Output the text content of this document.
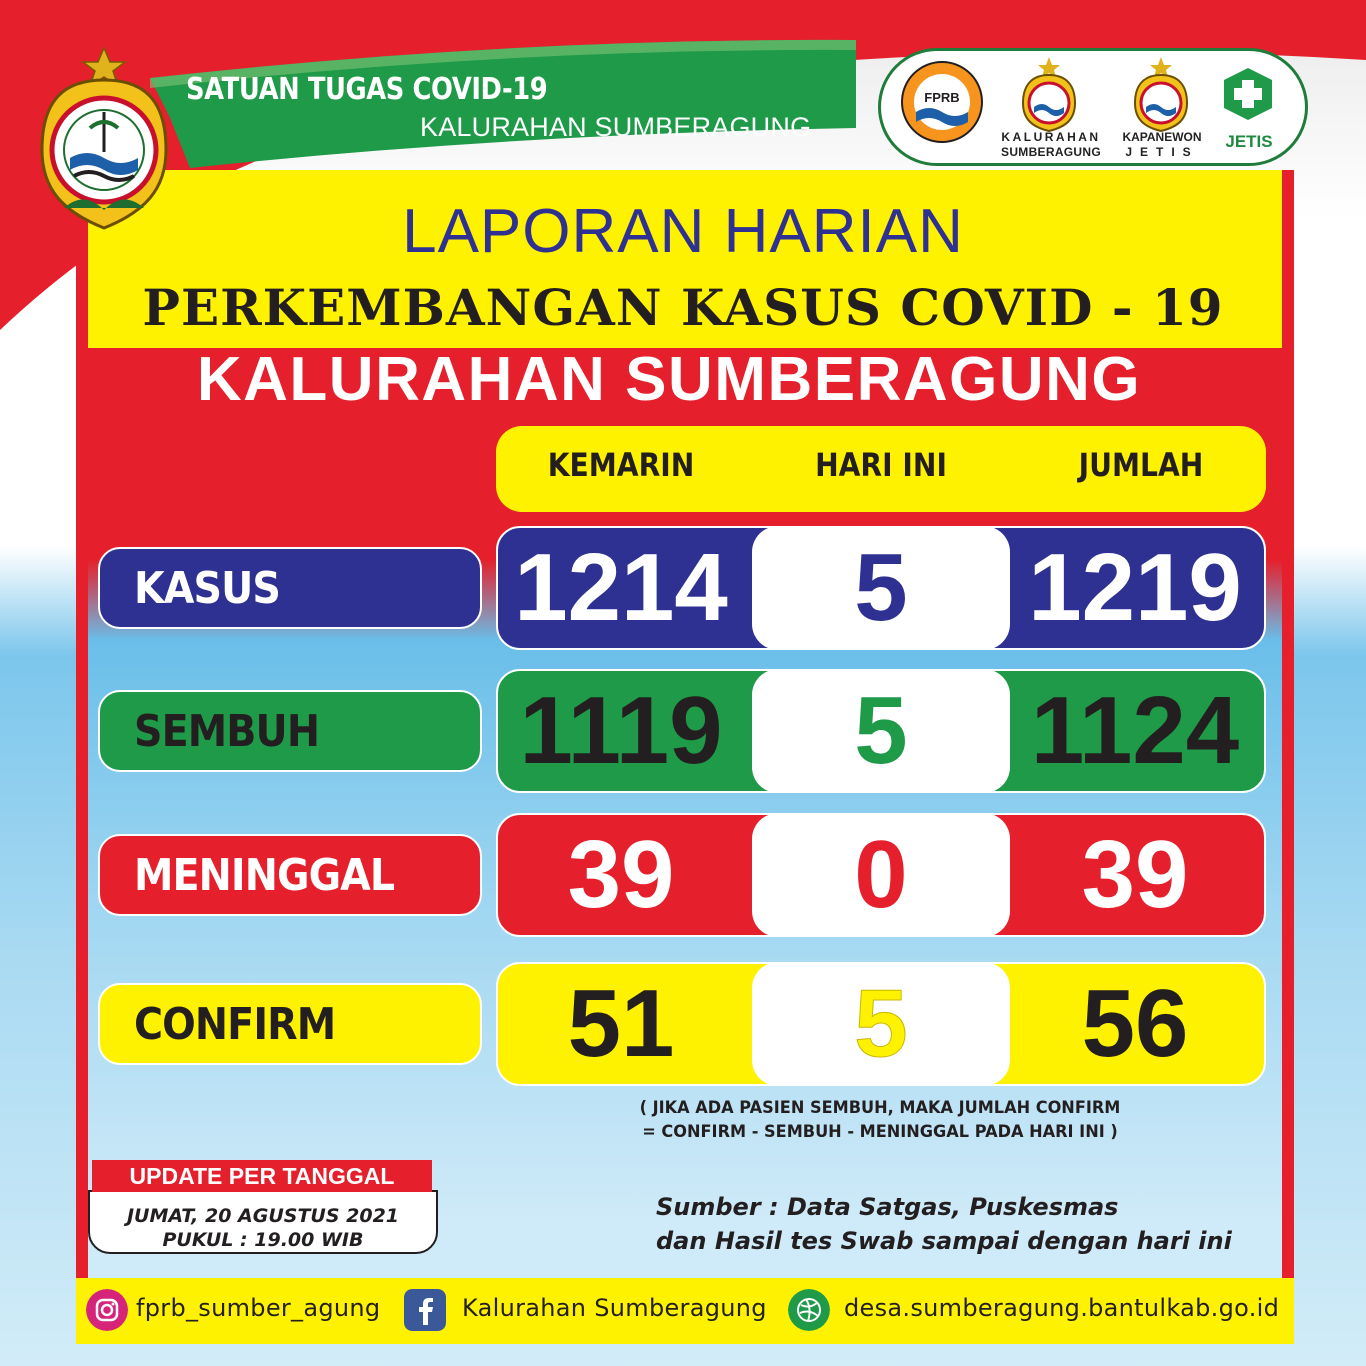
SATUAN TUGAS COVID-19
KALURAHAN SUMBERAGUNG
FPRB
KALURAHAN
SUMBERAGUNG
KAPANEWON
JETIS
JETIS
LAPORAN HARIAN
PERKEMBANGAN KASUS COVID - 19
KALURAHAN SUMBERAGUNG
KEMARIN	HARI INI	JUMLAH
KASUS 1214	5	1219
SEMBUH 1119	5	1124
MENINGGAL	39	0	39
CONFIRM	51	5	56
( JIKA ADA PASIEN SEMBUH, MAKA JUMLAH CONFIRM
= CONFIRM - SEMBUH - MENINGGAL PADA HARI INI )
UPDATE PER TANGGAL
JUMAT, 20 AGUSTUS 2021
PUKUL : 19.00 WIB
Sumber : Data Satgas, Puskesmas
dan Hasil tes Swab sampai dengan hari ini
fprb_sumber_agung	Kalurahan Sumberagung	desa.sumberagung.bantulkab.go.id
